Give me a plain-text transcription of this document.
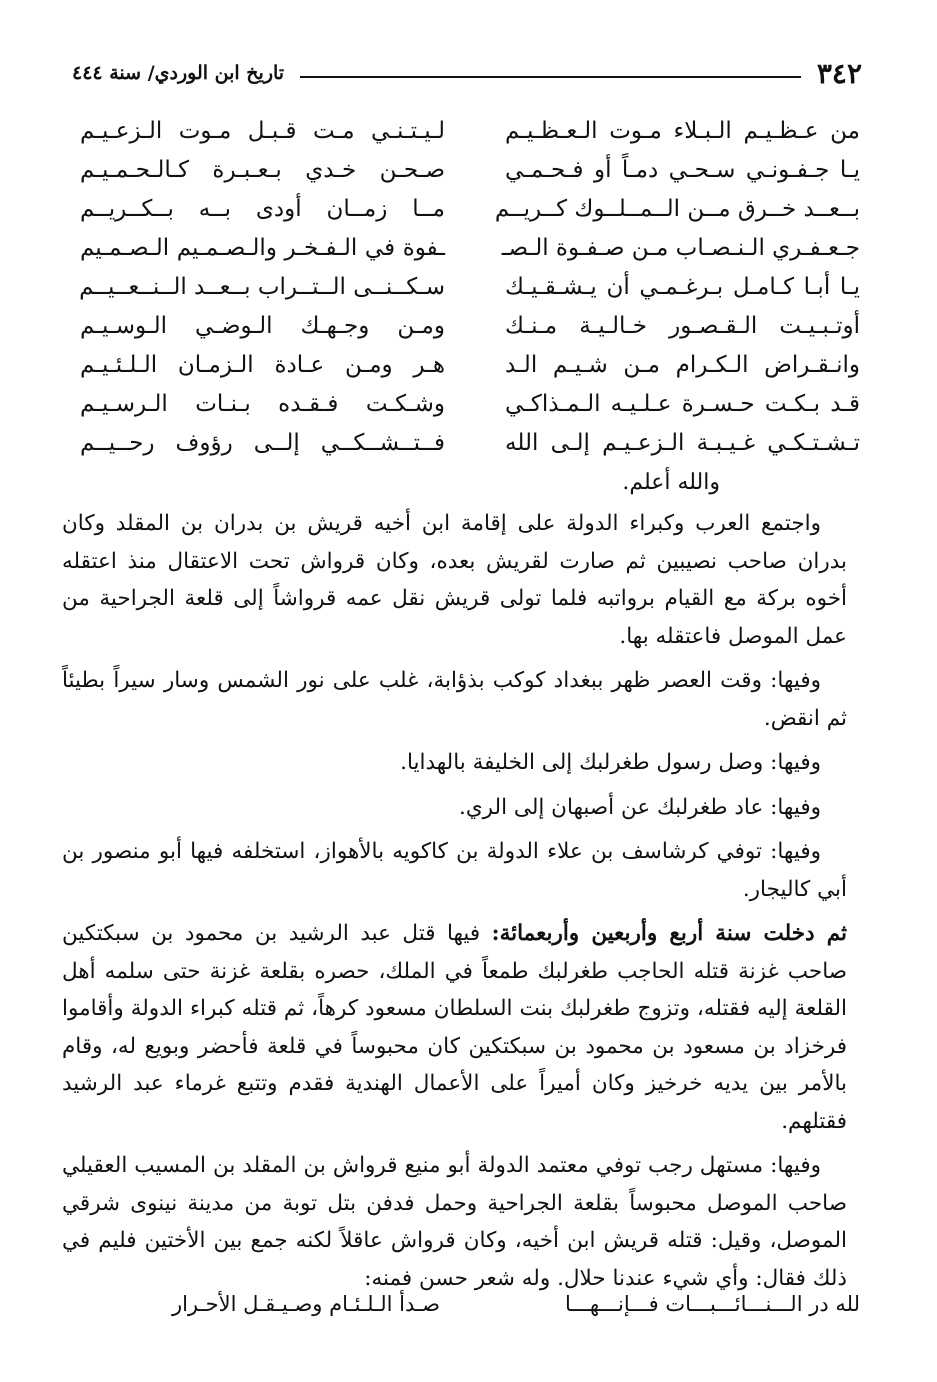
٣٤٢
تاريخ ابن الوردي/ سنة ٤٤٤
من عـظـيـم الـبـلاء مـوت الـعـظـيـم
لـيـتـنـي مـت قـبـل مـوت الـزعـيـم
يـا جـفـونـي سـحـي دمـاً أو فـحـمـي
صـحـن خـدي بـعـبـرة كـالـحـمـيـم
بــعــد خــرق مــن الــمــلــوك كــريــم
مــا زمــان أودى بــه بــكــريــم
جـعـفـري الـنـصـاب مـن صـفـوة الـصـ
ـفوة في الـفـخـر والـصـمـيم الـصـمـيم
يـا أبـا كـامـل بـرغـمـي أن يـشـقـيـك
سـكــنــى الــتــراب بــعــد الــنــعــيــم
أوتـبـيـت الـقـصـور خـالـيـة مـنـك
ومـن وجـهـك الـوضـي الـوسـيـم
وانـقـراض الـكـرام مـن شـيـم الـد
هـر ومـن عـادة الـزمـان الـلـئـيـم
قـد بـكـت حـسـرة عـلـيـه الـمـذاكـي
وشـكـت فـقـده بـنـات الـرسـيـم
تـشـتـكـي غـيـبـة الـزعـيـم إلـى الله
فــتــشــكــي إلــى رؤوف رحــيــم
والله أعلم.

واجتمع العرب وكبراء الدولة على إقامة ابن أخيه قريش بن بدران بن المقلد وكان بدران صاحب نصيبين ثم صارت لقريش بعده، وكان قرواش تحت الاعتقال منذ اعتقله أخوه بركة مع القيام برواتبه فلما تولى قريش نقل عمه قرواشاً إلى قلعة الجراحية من عمل الموصل فاعتقله بها.

وفيها: وقت العصر ظهر ببغداد كوكب بذؤابة، غلب على نور الشمس وسار سيراً بطيئاً ثم انقض.

وفيها: وصل رسول طغرلبك إلى الخليفة بالهدايا.

وفيها: عاد طغرلبك عن أصبهان إلى الري.

وفيها: توفي كرشاسف بن علاء الدولة بن كاكويه بالأهواز، استخلفه فيها أبو منصور بن أبي كاليجار.

ثم دخلت سنة أربع وأربعين وأربعمائة: فيها قتل عبد الرشيد بن محمود بن سبكتكين صاحب غزنة قتله الحاجب طغرلبك طمعاً في الملك، حصره بقلعة غزنة حتى سلمه أهل القلعة إليه فقتله، وتزوج طغرلبك بنت السلطان مسعود كرهاً، ثم قتله كبراء الدولة وأقاموا فرخزاد بن مسعود بن محمود بن سبكتكين كان محبوساً في قلعة فأحضر وبويع له، وقام بالأمر بين يديه خرخيز وكان أميراً على الأعمال الهندية فقدم وتتبع غرماء عبد الرشيد فقتلهم.

وفيها: مستهل رجب توفي معتمد الدولة أبو منيع قرواش بن المقلد بن المسيب العقيلي صاحب الموصل محبوساً بقلعة الجراحية وحمل فدفن بتل توبة من مدينة نينوى شرقي الموصل، وقيل: قتله قريش ابن أخيه، وكان قرواش عاقلاً لكنه جمع بين الأختين فليم في ذلك فقال: وأي شيء عندنا حلال. وله شعر حسن فمنه:

لله در الـــنـــائـــبـــات فـــإنـــهـــا
صـدأ الـلـئـام وصـيـقـل الأحـرار
